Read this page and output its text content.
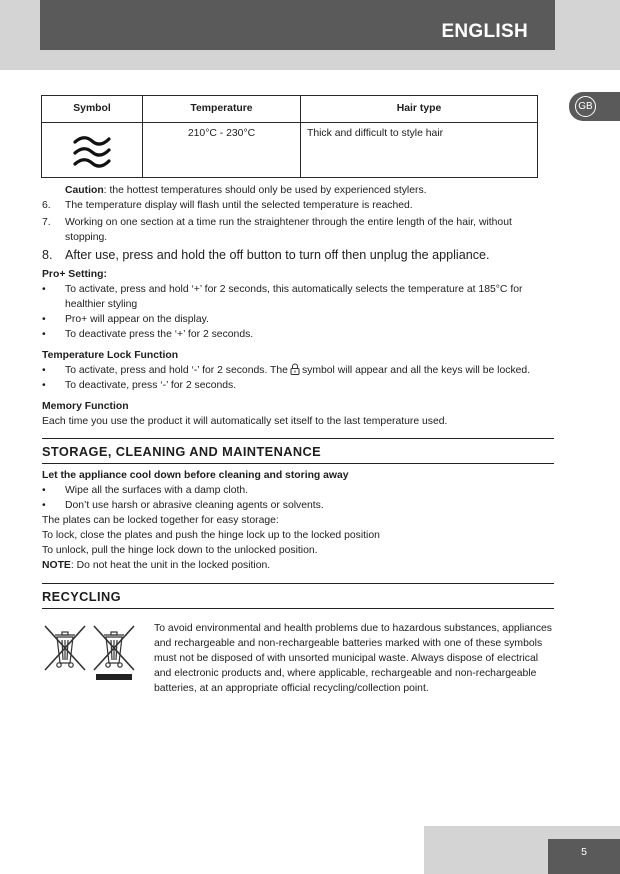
ENGLISH
GB
Symbol	Temperature	Hair type

	210°C - 230°C	Thick and difficult to style hair

Caution: the hottest temperatures should only be used by experienced stylers.

6. The temperature display will flash until the selected temperature is reached.

7. Working on one section at a time run the straightener through the entire length of the hair, without stopping.

8. After use, press and hold the off button to turn off then unplug the appliance.

Pro+ Setting:

• To activate, press and hold ‘+’ for 2 seconds, this automatically selects the temperature at 185°C for healthier styling

• Pro+ will appear on the display.

• To deactivate press the ‘+’ for 2 seconds.

Temperature Lock Function

• To activate, press and hold ‘-’ for 2 seconds. The symbol will appear and all the keys will be locked.

• To deactivate, press ‘-’ for 2 seconds.

Memory Function

Each time you use the product it will automatically set itself to the last temperature used.

STORAGE, CLEANING AND MAINTENANCE

Let the appliance cool down before cleaning and storing away

• Wipe all the surfaces with a damp cloth.

• Don’t use harsh or abrasive cleaning agents or solvents.

The plates can be locked together for easy storage:

To lock, close the plates and push the hinge lock up to the locked position

To unlock, pull the hinge lock down to the unlocked position.

NOTE: Do not heat the unit in the locked position.

RECYCLING

To avoid environmental and health problems due to hazardous substances, appliances and rechargeable and non-rechargeable batteries marked with one of these symbols must not be disposed of with unsorted municipal waste. Always dispose of electrical and electronic products and, where applicable, rechargeable and non-rechargeable batteries, at an appropriate official recycling/collection point.

5
